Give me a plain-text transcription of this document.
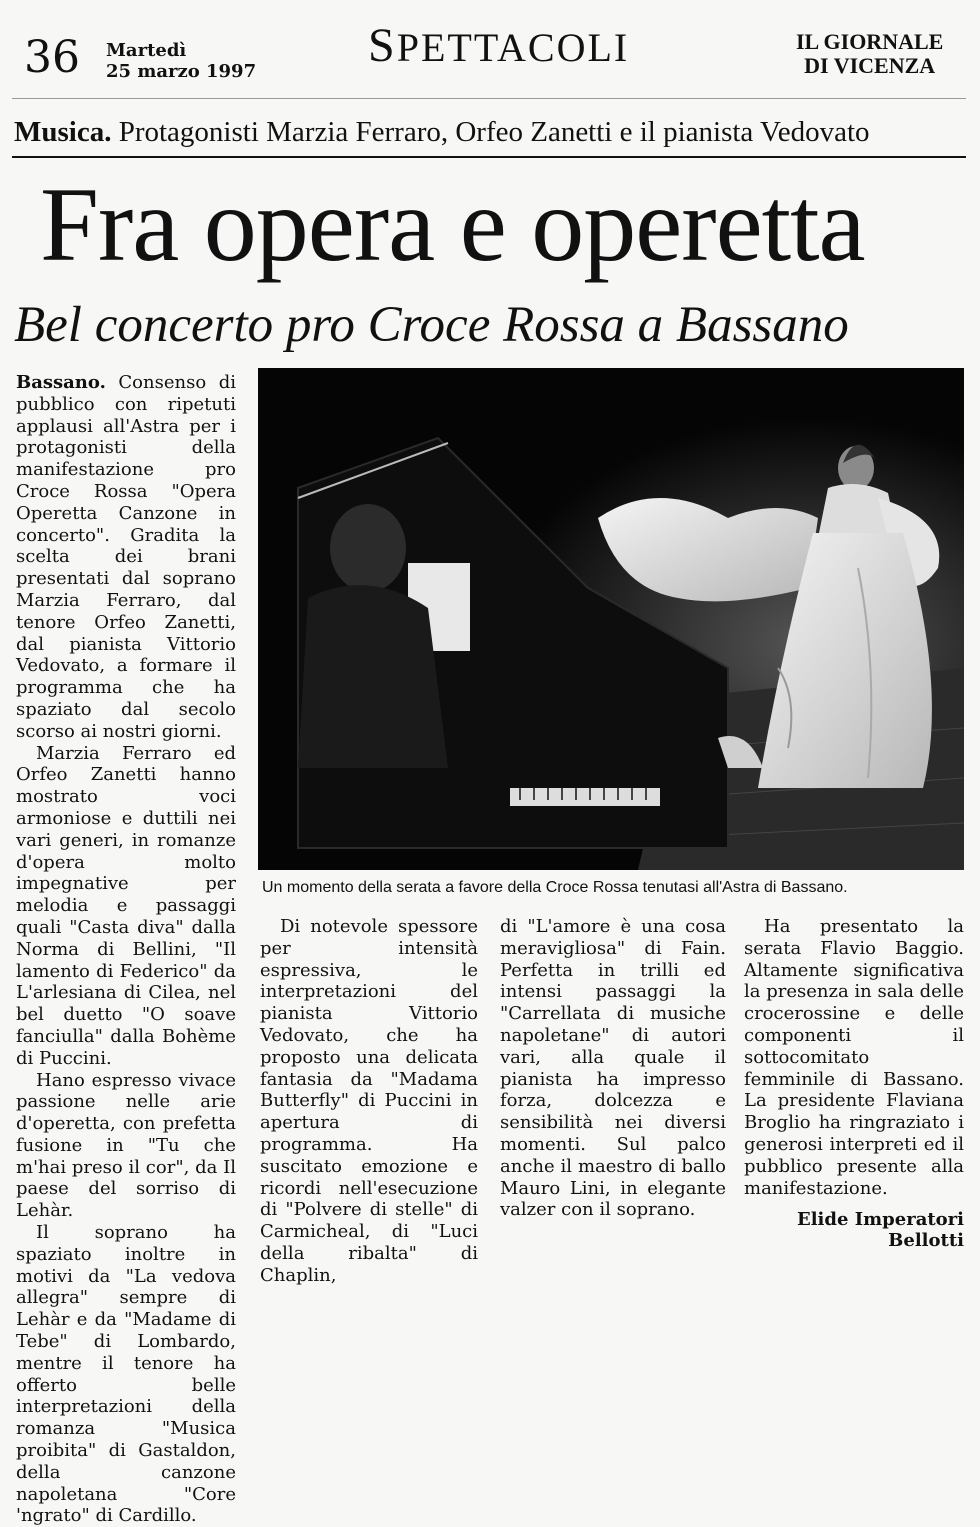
36 Martedì
25 marzo 1997 SPETTACOLI	IL GIORNALE
DI VICENZA
Musica. Protagonisti Marzia Ferraro, Orfeo Zanetti e il pianista Vedovato
Fra opera e operetta
Bel concerto pro Croce Rossa a Bassano
Un momento della serata a favore della Croce Rossa tenutasi all'Astra di Bassano.

Bassano. Consenso di pubblico con ripetuti applausi all'Astra per i protagonisti della manifestazione pro Croce Rossa "Opera Operetta Canzone in concerto". Gradita la scelta dei brani presentati dal soprano Marzia Ferraro, dal tenore Orfeo Zanetti, dal pianista Vittorio Vedovato, a formare il programma che ha spaziato dal secolo scorso ai nostri giorni.

Marzia Ferraro ed Orfeo Zanetti hanno mostrato voci armoniose e duttili nei vari generi, in romanze d'opera molto impegnative per melodia e passaggi quali "Casta diva" dalla Norma di Bellini, "Il lamento di Federico" da L'arlesiana di Cilea, nel bel duetto "O soave fanciulla" dalla Bohème di Puccini.

Hano espresso vivace passione nelle arie d'operetta, con prefetta fusione in "Tu che m'hai preso il cor", da Il paese del sorriso di Lehàr.

Il soprano ha spaziato inoltre in motivi da "La vedova allegra" sempre di Lehàr e da "Madame di Tebe" di Lombardo, mentre il tenore ha offerto belle interpretazioni della romanza "Musica proibita" di Gastaldon, della canzone napoletana "Core 'ngrato" di Cardillo.

Di notevole spessore per intensità espressiva, le interpretazioni del pianista Vittorio Vedovato, che ha proposto una delicata fantasia da "Madama Butterfly" di Puccini in apertura di programma. Ha suscitato emozione e ricordi nell'esecuzione di "Polvere di stelle" di Carmicheal, di "Luci della ribalta" di Chaplin,

di "L'amore è una cosa meravigliosa" di Fain. Perfetta in trilli ed intensi passaggi la "Carrellata di musiche napoletane" di autori vari, alla quale il pianista ha impresso forza, dolcezza e sensibilità nei diversi momenti. Sul palco anche il maestro di ballo Mauro Lini, in elegante valzer con il soprano.

Ha presentato la serata Flavio Baggio. Altamente significativa la presenza in sala delle crocerossine e delle componenti il sottocomitato femminile di Bassano. La presidente Flaviana Broglio ha ringraziato i generosi interpreti ed il pubblico presente alla manifestazione.

Elide Imperatori
Bellotti
